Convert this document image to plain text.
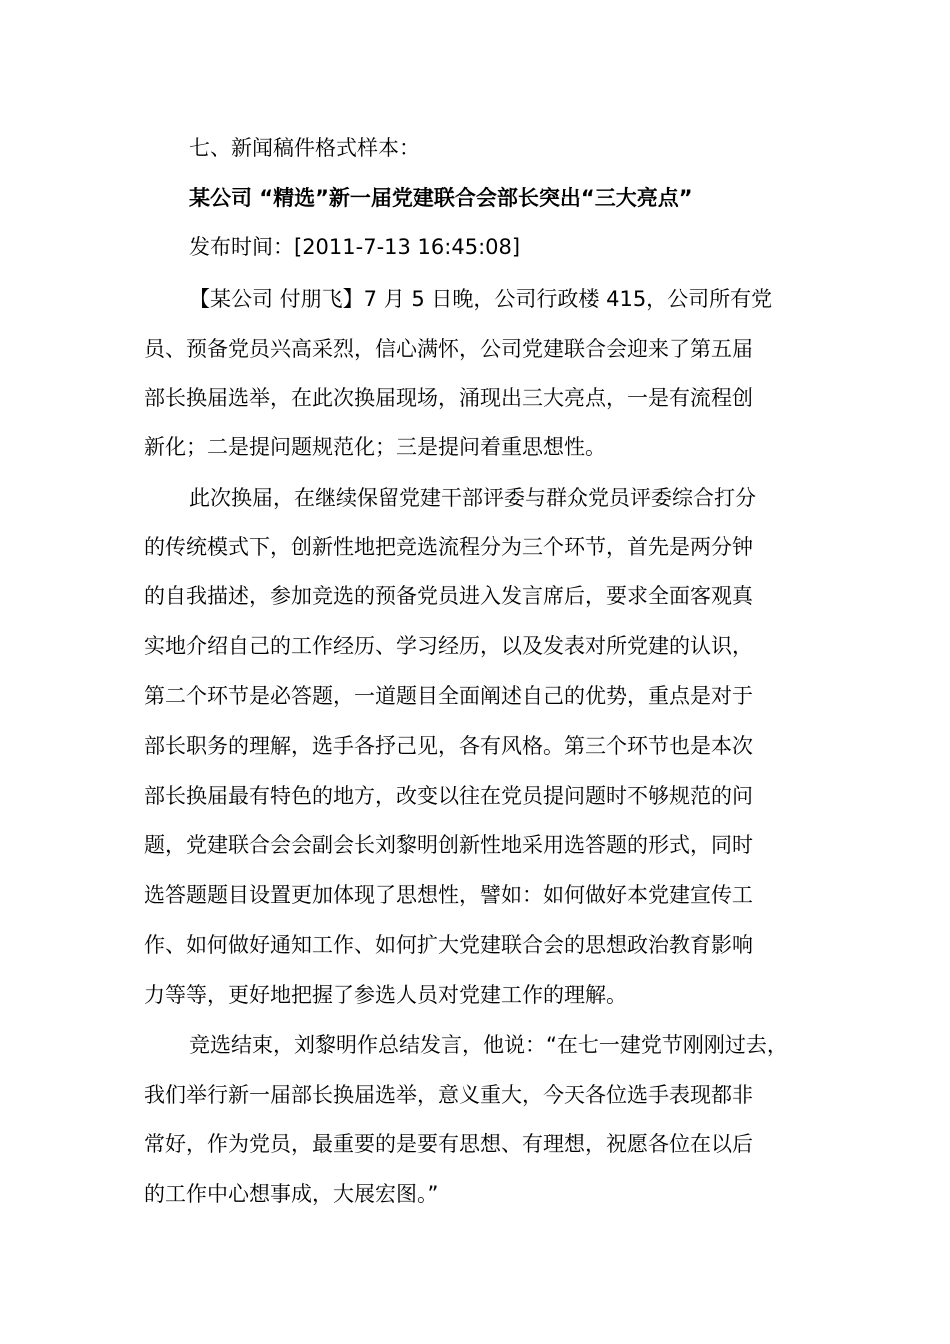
七、新闻稿件格式样本：
某公司 “精选”新一届党建联合会部长突出“三大亮点”
发布时间：[2011-7-13 16:45:08]
【某公司 付朋飞】7 月 5 日晚，公司行政楼 415，公司所有党
员、预备党员兴高采烈，信心满怀，公司党建联合会迎来了第五届
部长换届选举，在此次换届现场，涌现出三大亮点，一是有流程创
新化；二是提问题规范化；三是提问着重思想性。
此次换届，在继续保留党建干部评委与群众党员评委综合打分
的传统模式下，创新性地把竞选流程分为三个环节，首先是两分钟
的自我描述，参加竞选的预备党员进入发言席后，要求全面客观真
实地介绍自己的工作经历、学习经历，以及发表对所党建的认识，
第二个环节是必答题，一道题目全面阐述自己的优势，重点是对于
部长职务的理解，选手各抒己见，各有风格。第三个环节也是本次
部长换届最有特色的地方，改变以往在党员提问题时不够规范的问
题，党建联合会会副会长刘黎明创新性地采用选答题的形式，同时
选答题题目设置更加体现了思想性，譬如：如何做好本党建宣传工
作、如何做好通知工作、如何扩大党建联合会的思想政治教育影响
力等等，更好地把握了参选人员对党建工作的理解。
竞选结束，刘黎明作总结发言，他说：“在七一建党节刚刚过去，
我们举行新一届部长换届选举，意义重大，今天各位选手表现都非
常好，作为党员，最重要的是要有思想、有理想，祝愿各位在以后
的工作中心想事成，大展宏图。”
